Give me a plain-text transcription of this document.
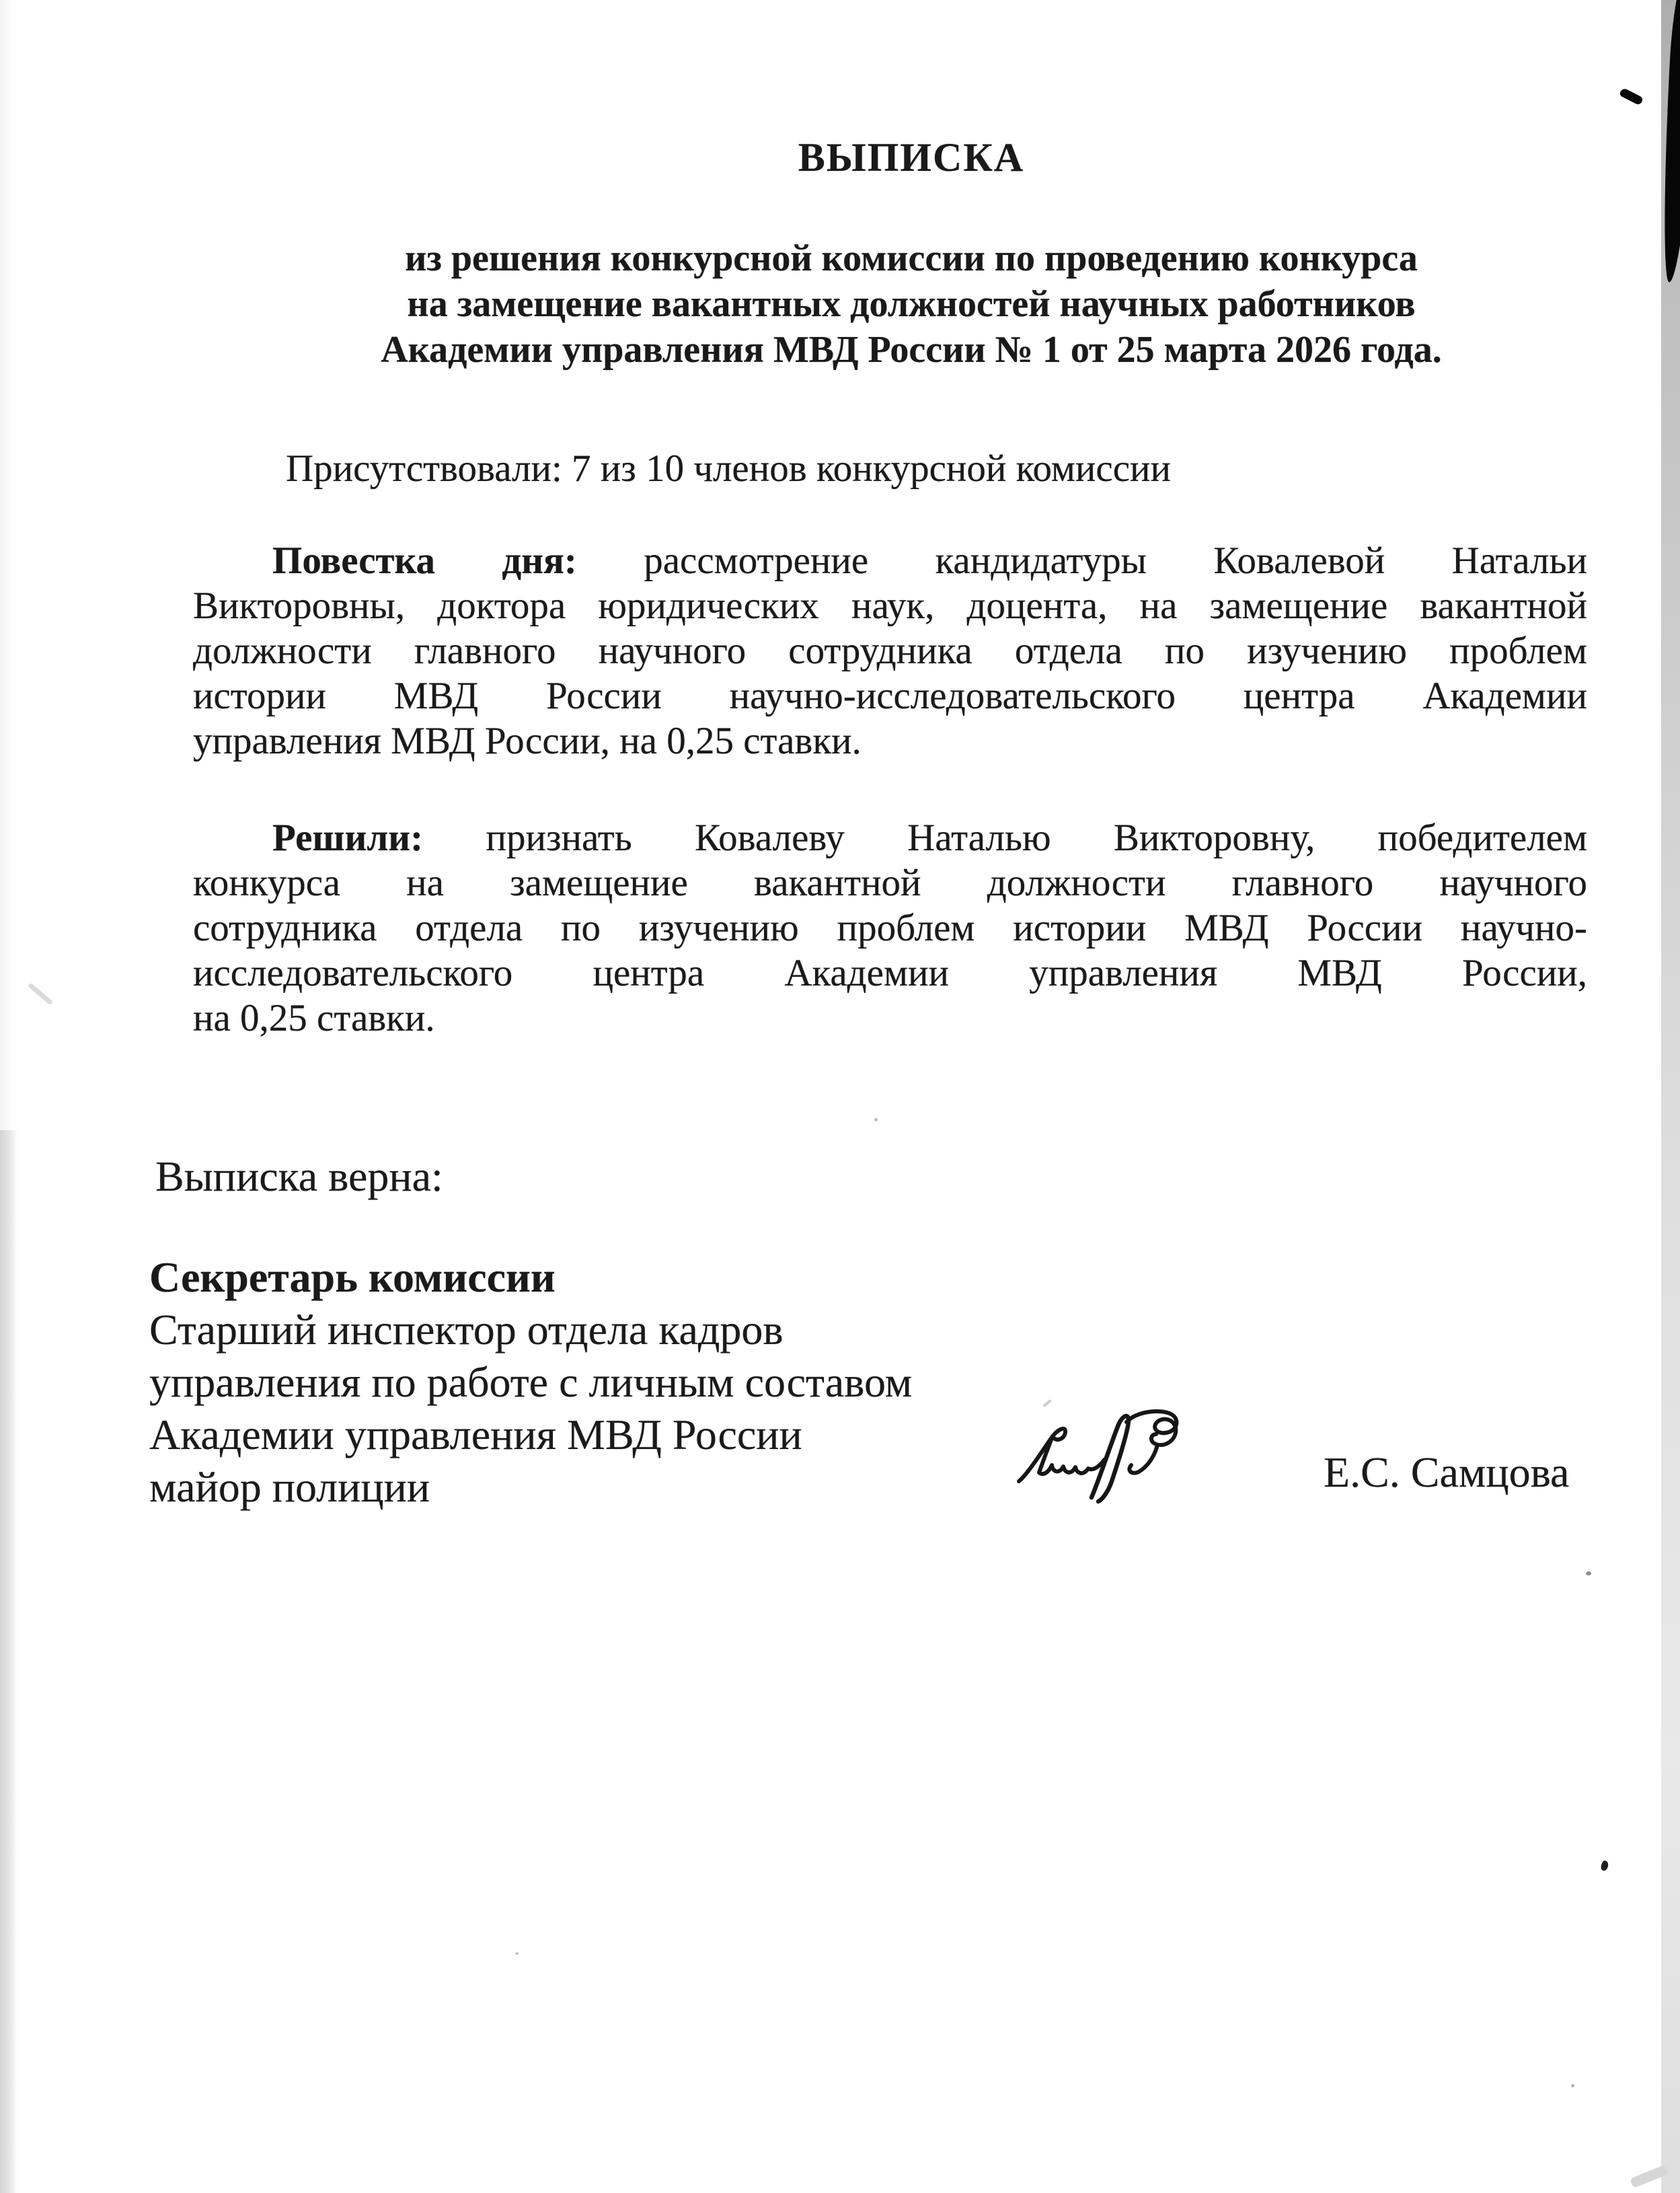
ВЫПИСКА
из решения конкурсной комиссии по проведению конкурса
на замещение вакантных должностей научных работников
Академии управления МВД России № 1 от 25 марта 2026 года.
Присутствовали: 7 из 10 членов конкурсной комиссии
Повестка дня: рассмотрение кандидатуры Ковалевой Натальи
Викторовны, доктора юридических наук, доцента, на замещение вакантной
должности главного научного сотрудника отдела по изучению проблем
истории МВД России научно-исследовательского центра Академии
управления МВД России, на 0,25 ставки.
Решили: признать Ковалеву Наталью Викторовну, победителем
конкурса на замещение вакантной должности главного научного
сотрудника отдела по изучению проблем истории МВД России научно-
исследовательского центра Академии управления МВД России,
на 0,25 ставки.
Выписка верна:
Секретарь комиссии
Старший инспектор отдела кадров
управления по работе с личным составом
Академии управления МВД России
майор полиции	Е.С. Самцова
